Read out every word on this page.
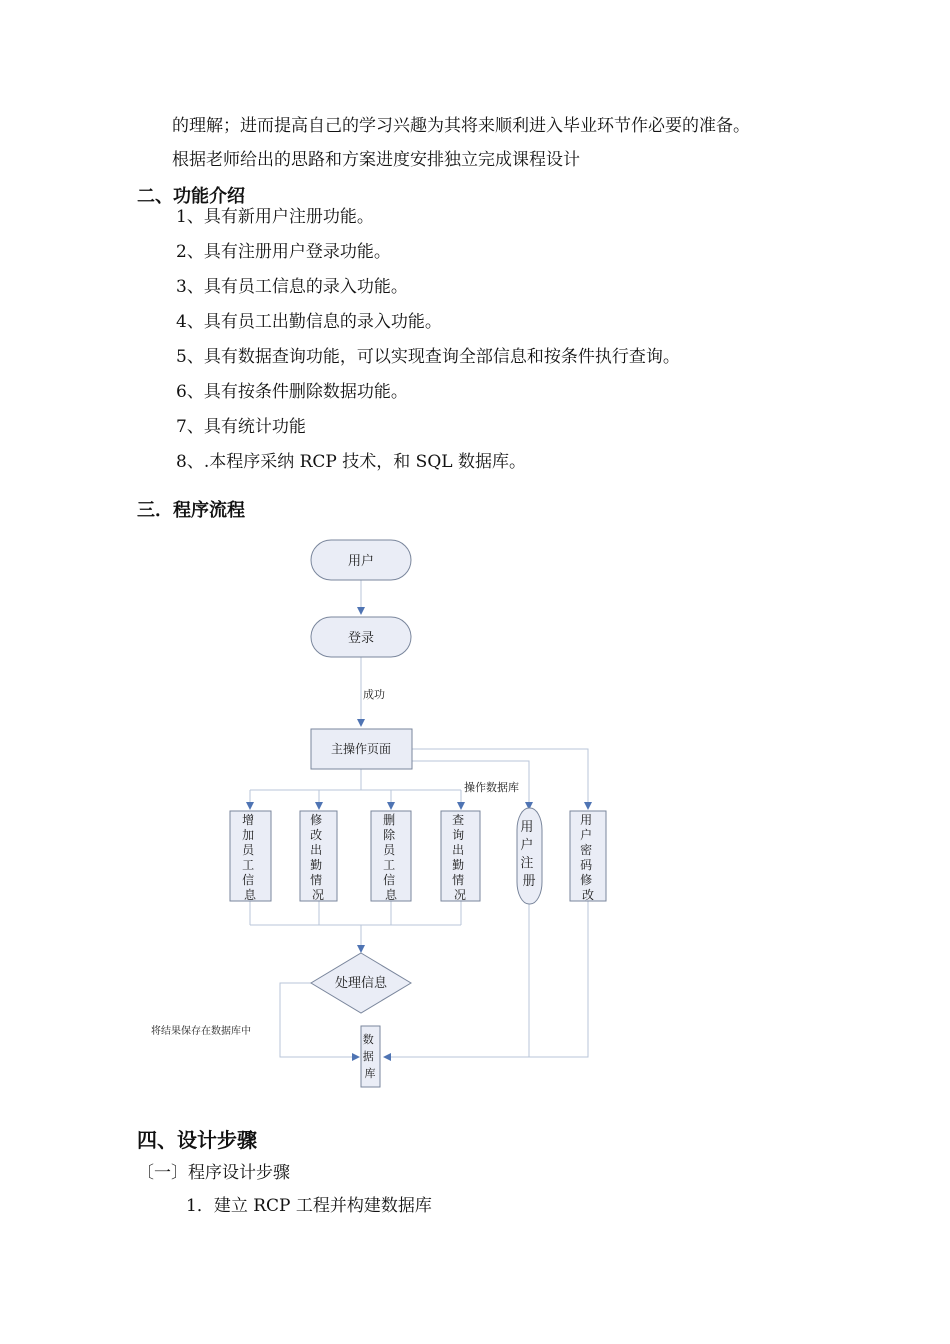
的理解；进而提高自己的学习兴趣为其将来顺利进入毕业环节作必要的准备。
根据老师给出的思路和方案进度安排独立完成课程设计
二、功能介绍
1、具有新用户注册功能。
2、具有注册用户登录功能。
3、具有员工信息的录入功能。
4、具有员工出勤信息的录入功能。
5、具有数据查询功能，可以实现查询全部信息和按条件执行查询。
6、具有按条件删除数据功能。
7、具有统计功能
8、.本程序采纳 RCP 技术，和 SQL 数据库。
三．程序流程
用户
登录
成功
主操作页面
操作数据库
增 加 员 工 信 息
修 改 出 勤 情 况
删 除 员 工 信 息
查 询 出 勤 情 况
用 户 注 册
用 户 密 码 修 改
处理信息
将结果保存在数据库中
数 据 库
四、设计步骤
〔一〕程序设计步骤
1．建立 RCP 工程并构建数据库
